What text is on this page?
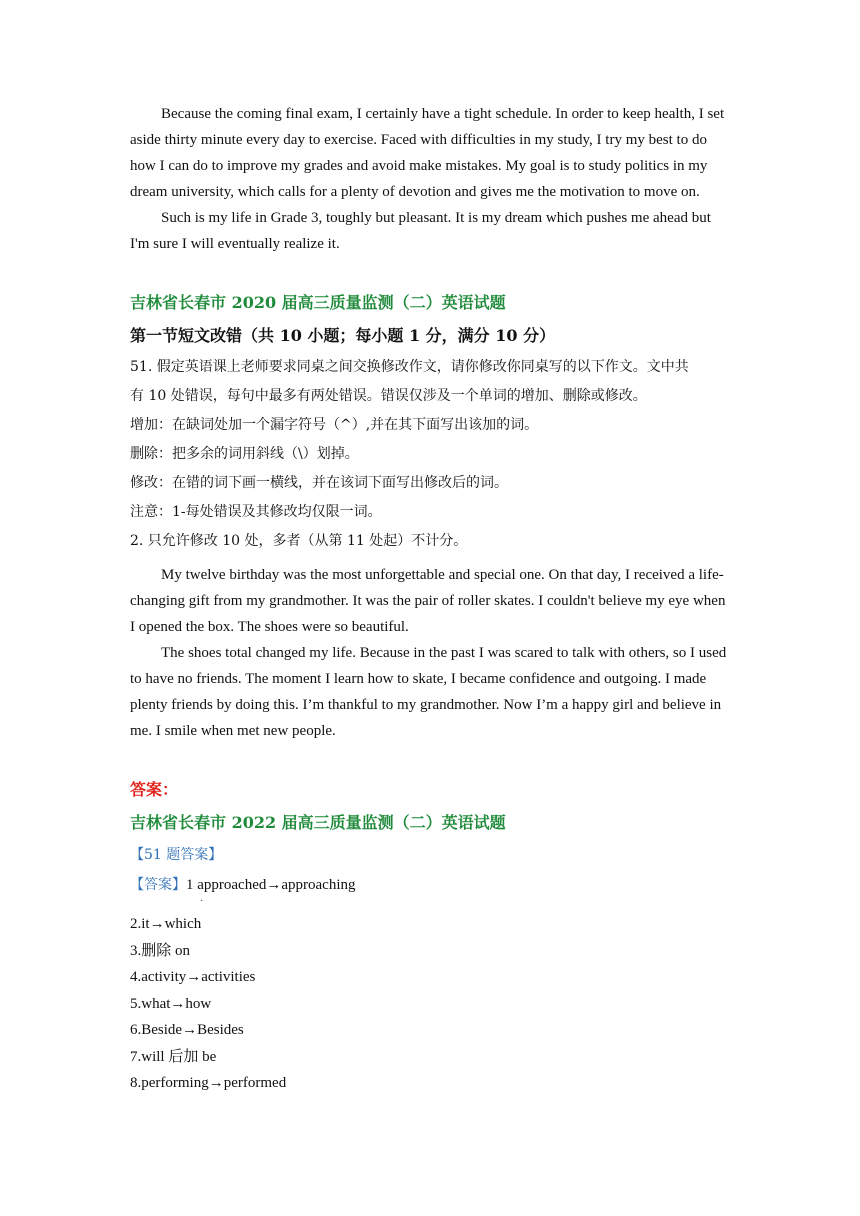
Because the coming final exam, I certainly have a tight schedule. In order to keep health, I set aside thirty minute every day to exercise. Faced with difficulties in my study, I try my best to do how I can do to improve my grades and avoid make mistakes. My goal is to study politics in my dream university, which calls for a plenty of devotion and gives me the motivation to move on.

Such is my life in Grade 3, toughly but pleasant. It is my dream which pushes me ahead but I'm sure I will eventually realize it.

吉林省长春市 2020 届高三质量监测（二）英语试题
第一节短文改错（共 10 小题；每小题 1 分，满分 10 分）

51. 假定英语课上老师要求同桌之间交换修改作文，请你修改你同桌写的以下作文。文中共

有 10 处错误，每句中最多有两处错误。错误仅涉及一个单词的增加、删除或修改。

增加：在缺词处加一个漏字符号（^）,并在其下面写出该加的词。

删除：把多余的词用斜线（\）划掉。

修改：在错的词下画一横线，并在该词下面写出修改后的词。

注意：1-每处错误及其修改均仅限一词。

2. 只允许修改 10 处，多者（从第 11 处起）不计分。

My twelve birthday was the most unforgettable and special one. On that day, I received a life-changing gift from my grandmother. It was the pair of roller skates. I couldn't believe my eye when I opened the box. The shoes were so beautiful.

The shoes total changed my life. Because in the past I was scared to talk with others, so I used to have no friends. The moment I learn how to skate, I became confidence and outgoing. I made plenty friends by doing this. I’m thankful to my grandmother. Now I’m a happy girl and believe in me. I smile when met new people.

答案：
吉林省长春市 2022 届高三质量监测（二）英语试题
【51 题答案】
【答案】1 approached→approaching
·

2.it→which

3.删除 on

4.activity→activities

5.what→how

6.Beside→Besides

7.will 后加 be

8.performing→performed
